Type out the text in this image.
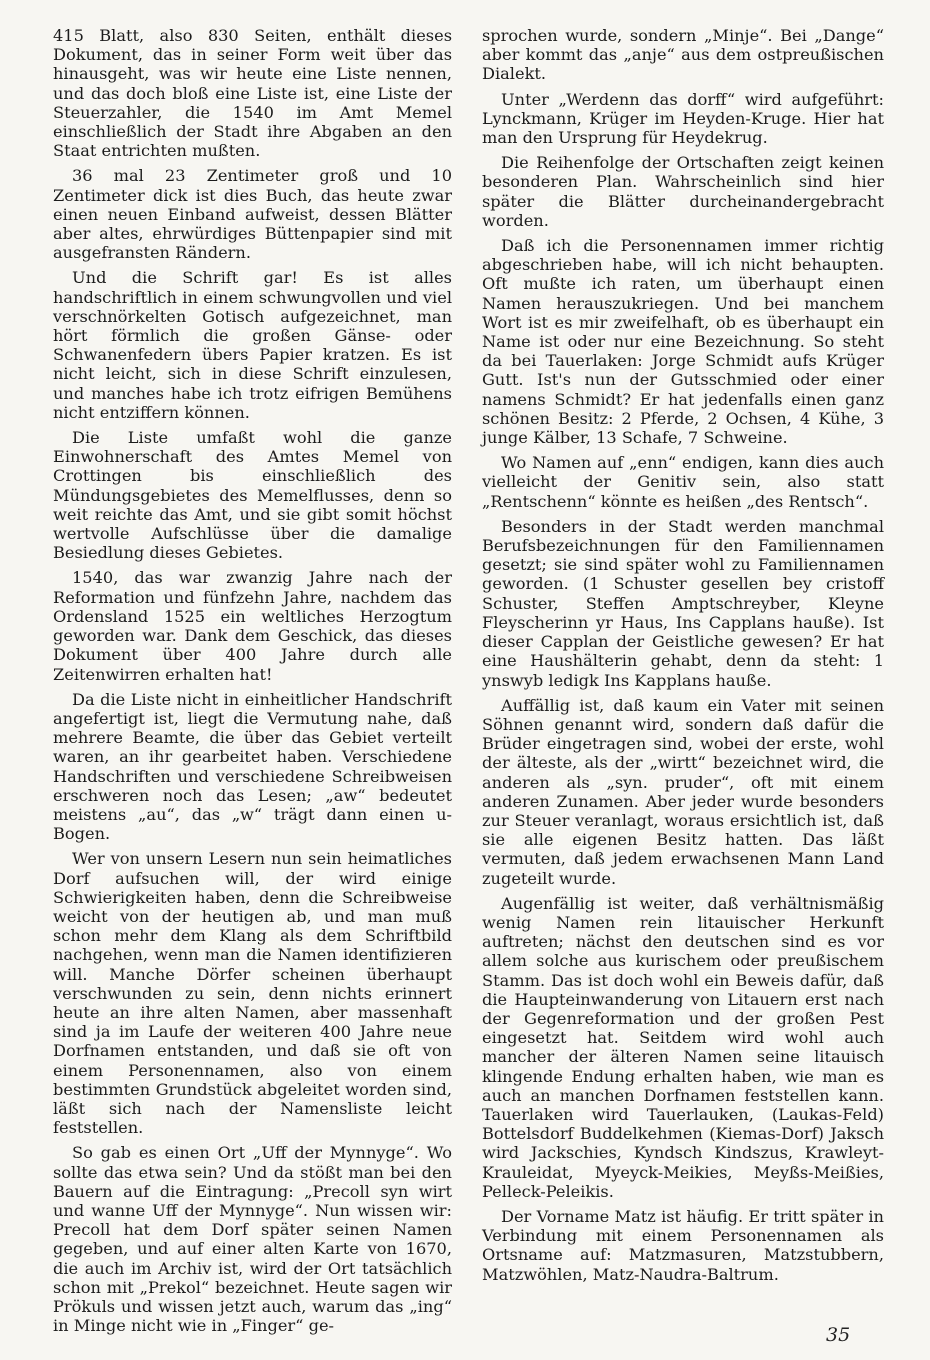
415 Blatt, also 830 Seiten, enthält dieses Dokument, das in seiner Form weit über das hinausgeht, was wir heute eine Liste nennen, und das doch bloß eine Liste ist, eine Liste der Steuerzahler, die 1540 im Amt Memel einschließlich der Stadt ihre Abgaben an den Staat entrichten mußten.

36 mal 23 Zentimeter groß und 10 Zentimeter dick ist dies Buch, das heute zwar einen neuen Einband aufweist, dessen Blätter aber altes, ehrwürdiges Büttenpapier sind mit ausgefransten Rändern.

Und die Schrift gar! Es ist alles handschriftlich in einem schwungvollen und viel verschnörkelten Gotisch aufgezeichnet, man hört förmlich die großen Gänse- oder Schwanenfedern übers Papier kratzen. Es ist nicht leicht, sich in diese Schrift einzulesen, und manches habe ich trotz eifrigen Bemühens nicht entziffern können.

Die Liste umfaßt wohl die ganze Einwohnerschaft des Amtes Memel von Crottingen bis einschließlich des Mündungsgebietes des Memelflusses, denn so weit reichte das Amt, und sie gibt somit höchst wertvolle Aufschlüsse über die damalige Besiedlung dieses Gebietes.

1540, das war zwanzig Jahre nach der Reformation und fünfzehn Jahre, nachdem das Ordensland 1525 ein weltliches Herzogtum geworden war. Dank dem Geschick, das dieses Dokument über 400 Jahre durch alle Zeitenwirren erhalten hat!

Da die Liste nicht in einheitlicher Handschrift angefertigt ist, liegt die Vermutung nahe, daß mehrere Beamte, die über das Gebiet verteilt waren, an ihr gearbeitet haben. Verschiedene Handschriften und verschiedene Schreibweisen erschweren noch das Lesen; „aw“ bedeutet meistens „au“, das „w“ trägt dann einen u-Bogen.

Wer von unsern Lesern nun sein heimatliches Dorf aufsuchen will, der wird einige Schwierigkeiten haben, denn die Schreibweise weicht von der heutigen ab, und man muß schon mehr dem Klang als dem Schriftbild nachgehen, wenn man die Namen identifizieren will. Manche Dörfer scheinen überhaupt verschwunden zu sein, denn nichts erinnert heute an ihre alten Namen, aber massenhaft sind ja im Laufe der weiteren 400 Jahre neue Dorfnamen entstanden, und daß sie oft von einem Personennamen, also von einem bestimmten Grundstück abgeleitet worden sind, läßt sich nach der Namensliste leicht feststellen.

So gab es einen Ort „Uff der Mynnyge“. Wo sollte das etwa sein? Und da stößt man bei den Bauern auf die Eintragung: „Precoll syn wirt und wanne Uff der Mynnyge“. Nun wissen wir: Precoll hat dem Dorf später seinen Namen gegeben, und auf einer alten Karte von 1670, die auch im Archiv ist, wird der Ort tatsächlich schon mit „Prekol“ bezeichnet. Heute sagen wir Prökuls und wissen jetzt auch, warum das „ing“ in Minge nicht wie in „Finger“ ge-

sprochen wurde, sondern „Minje“. Bei „Dange“ aber kommt das „anje“ aus dem ostpreußischen Dialekt.

Unter „Werdenn das dorff“ wird aufgeführt: Lynckmann, Krüger im Heyden-Kruge. Hier hat man den Ursprung für Heydekrug.

Die Reihenfolge der Ortschaften zeigt keinen besonderen Plan. Wahrscheinlich sind hier später die Blätter durcheinandergebracht worden.

Daß ich die Personennamen immer richtig abgeschrieben habe, will ich nicht behaupten. Oft mußte ich raten, um überhaupt einen Namen herauszukriegen. Und bei manchem Wort ist es mir zweifelhaft, ob es überhaupt ein Name ist oder nur eine Bezeichnung. So steht da bei Tauerlaken: Jorge Schmidt aufs Krüger Gutt. Ist's nun der Gutsschmied oder einer namens Schmidt? Er hat jedenfalls einen ganz schönen Besitz: 2 Pferde, 2 Ochsen, 4 Kühe, 3 junge Kälber, 13 Schafe, 7 Schweine.

Wo Namen auf „enn“ endigen, kann dies auch vielleicht der Genitiv sein, also statt „Rentschenn“ könnte es heißen „des Rentsch“.

Besonders in der Stadt werden manchmal Berufsbezeichnungen für den Familiennamen gesetzt; sie sind später wohl zu Familiennamen geworden. (1 Schuster gesellen bey cristoff Schuster, Steffen Amptschreyber, Kleyne Fleyscherinn yr Haus, Ins Capplans hauße). Ist dieser Capplan der Geistliche gewesen? Er hat eine Haushälterin gehabt, denn da steht: 1 ynswyb ledigk Ins Kapplans hauße.

Auffällig ist, daß kaum ein Vater mit seinen Söhnen genannt wird, sondern daß dafür die Brüder eingetragen sind, wobei der erste, wohl der älteste, als der „wirtt“ bezeichnet wird, die anderen als „syn. pruder“, oft mit einem anderen Zunamen. Aber jeder wurde besonders zur Steuer veranlagt, woraus ersichtlich ist, daß sie alle eigenen Besitz hatten. Das läßt vermuten, daß jedem erwachsenen Mann Land zugeteilt wurde.

Augenfällig ist weiter, daß verhältnismäßig wenig Namen rein litauischer Herkunft auftreten; nächst den deutschen sind es vor allem solche aus kurischem oder preußischem Stamm. Das ist doch wohl ein Beweis dafür, daß die Haupteinwanderung von Litauern erst nach der Gegenreformation und der großen Pest eingesetzt hat. Seitdem wird wohl auch mancher der älteren Namen seine litauisch klingende Endung erhalten haben, wie man es auch an manchen Dorfnamen feststellen kann. Tauerlaken wird Tauerlauken, (Laukas-Feld) Bottelsdorf Buddelkehmen (Kiemas-Dorf) Jaksch wird Jackschies, Kyndsch Kindszus, Krawleyt-Krauleidat, Myeyck-Meikies, Meyßs-Meißies, Pelleck-Peleikis.

Der Vorname Matz ist häufig. Er tritt später in Verbindung mit einem Personennamen als Ortsname auf: Matzmasuren, Matzstubbern, Matzwöhlen, Matz-Naudra-Baltrum.

35
